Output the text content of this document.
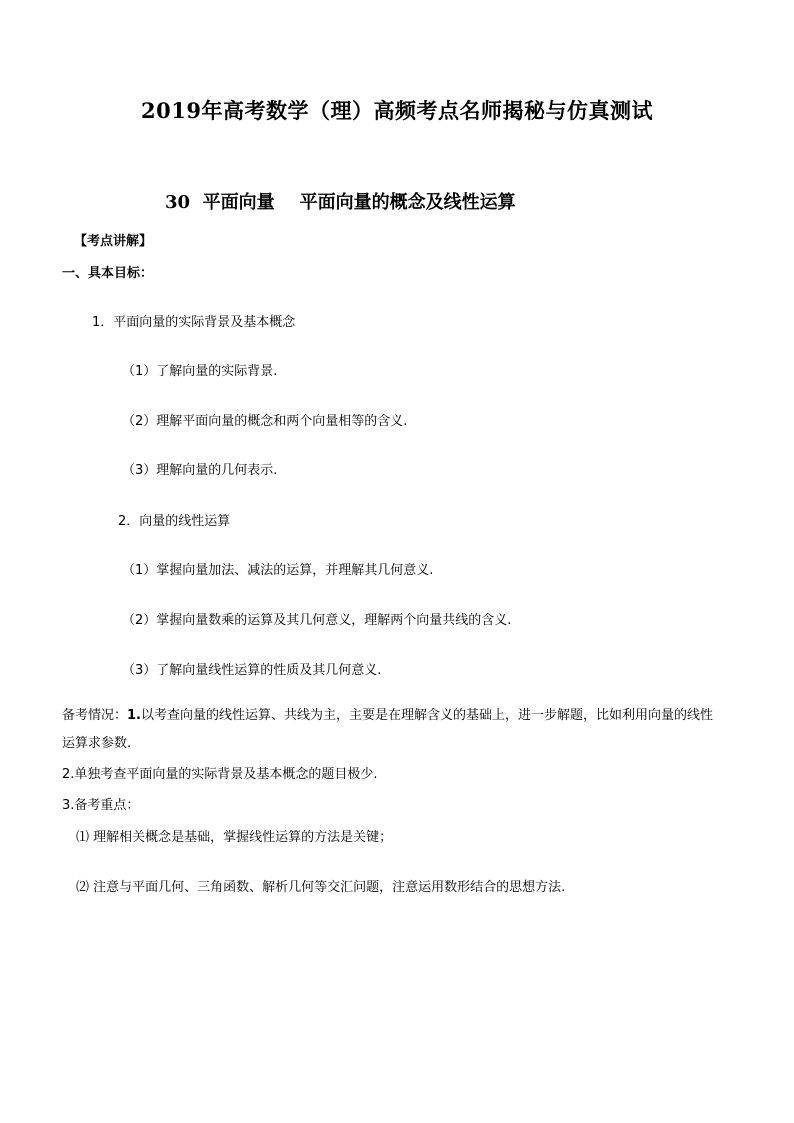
2019年高考数学（理）高频考点名师揭秘与仿真测试
30  平面向量    平面向量的概念及线性运算
【考点讲解】
一、具本目标：
1．平面向量的实际背景及基本概念
（1）了解向量的实际背景.
（2）理解平面向量的概念和两个向量相等的含义.
（3）理解向量的几何表示.
2．向量的线性运算
（1）掌握向量加法、减法的运算，并理解其几何意义.
（2）掌握向量数乘的运算及其几何意义，理解两个向量共线的含义.
（3）了解向量线性运算的性质及其几何意义.
备考情况：1.以考查向量的线性运算、共线为主，主要是在理解含义的基础上，进一步解题，比如利用向量的线性运算求参数.
2.单独考查平面向量的实际背景及基本概念的题目极少.
3.备考重点：
⑴ 理解相关概念是基础，掌握线性运算的方法是关键；
⑵ 注意与平面几何、三角函数、解析几何等交汇问题，注意运用数形结合的思想方法.
